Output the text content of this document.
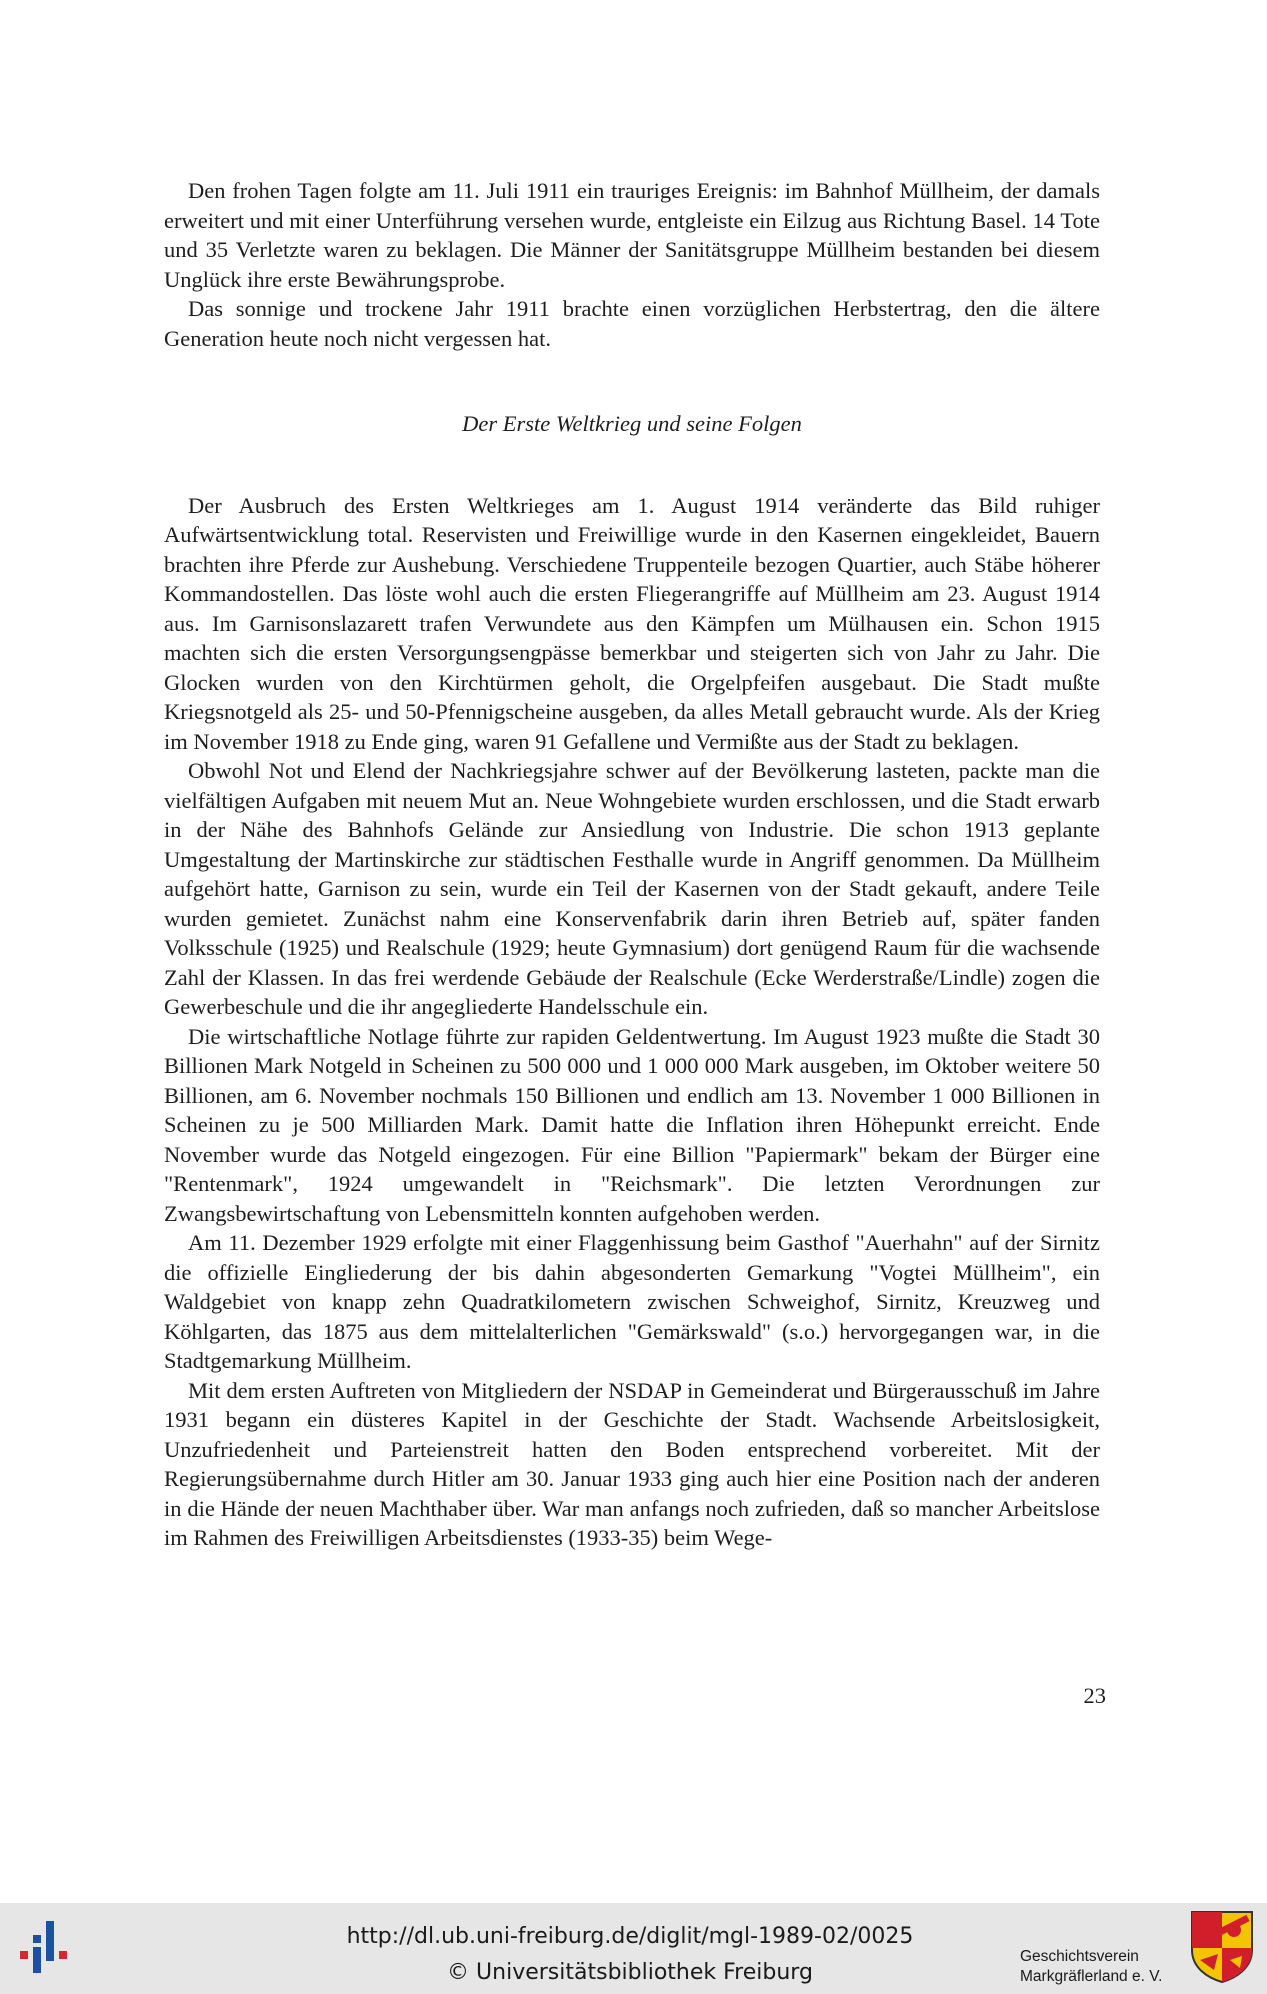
Den frohen Tagen folgte am 11. Juli 1911 ein trauriges Ereignis: im Bahnhof Müllheim, der damals erweitert und mit einer Unterführung versehen wurde, entgleiste ein Eilzug aus Richtung Basel. 14 Tote und 35 Verletzte waren zu beklagen. Die Männer der Sanitätsgruppe Müllheim bestanden bei diesem Unglück ihre erste Bewährungsprobe.

Das sonnige und trockene Jahr 1911 brachte einen vorzüglichen Herbstertrag, den die ältere Generation heute noch nicht vergessen hat.

Der Erste Weltkrieg und seine Folgen

Der Ausbruch des Ersten Weltkrieges am 1. August 1914 veränderte das Bild ruhiger Aufwärtsentwicklung total. Reservisten und Freiwillige wurde in den Kasernen eingekleidet, Bauern brachten ihre Pferde zur Aushebung. Verschiedene Truppenteile bezogen Quartier, auch Stäbe höherer Kommandostellen. Das löste wohl auch die ersten Fliegerangriffe auf Müllheim am 23. August 1914 aus. Im Garnisonslazarett trafen Verwundete aus den Kämpfen um Mülhausen ein. Schon 1915 machten sich die ersten Versorgungsengpässe bemerkbar und steigerten sich von Jahr zu Jahr. Die Glocken wurden von den Kirchtürmen geholt, die Orgelpfeifen ausgebaut. Die Stadt mußte Kriegsnotgeld als 25- und 50-Pfennigscheine ausgeben, da alles Metall gebraucht wurde. Als der Krieg im November 1918 zu Ende ging, waren 91 Gefallene und Vermißte aus der Stadt zu beklagen.

Obwohl Not und Elend der Nachkriegsjahre schwer auf der Bevölkerung lasteten, packte man die vielfältigen Aufgaben mit neuem Mut an. Neue Wohngebiete wurden erschlossen, und die Stadt erwarb in der Nähe des Bahnhofs Gelände zur Ansiedlung von Industrie. Die schon 1913 geplante Umgestaltung der Martinskirche zur städtischen Festhalle wurde in Angriff genommen. Da Müllheim aufgehört hatte, Garnison zu sein, wurde ein Teil der Kasernen von der Stadt gekauft, andere Teile wurden gemietet. Zunächst nahm eine Konservenfabrik darin ihren Betrieb auf, später fanden Volksschule (1925) und Realschule (1929; heute Gymnasium) dort genügend Raum für die wachsende Zahl der Klassen. In das frei werdende Gebäude der Realschule (Ecke Werderstraße/Lindle) zogen die Gewerbeschule und die ihr angegliederte Handelsschule ein.

Die wirtschaftliche Notlage führte zur rapiden Geldentwertung. Im August 1923 mußte die Stadt 30 Billionen Mark Notgeld in Scheinen zu 500 000 und 1 000 000 Mark ausgeben, im Oktober weitere 50 Billionen, am 6. November nochmals 150 Billionen und endlich am 13. November 1 000 Billionen in Scheinen zu je 500 Milliarden Mark. Damit hatte die Inflation ihren Höhepunkt erreicht. Ende November wurde das Notgeld eingezogen. Für eine Billion "Papiermark" bekam der Bürger eine "Rentenmark", 1924 umgewandelt in "Reichsmark". Die letzten Verordnungen zur Zwangsbewirtschaftung von Lebensmitteln konnten aufgehoben werden.

Am 11. Dezember 1929 erfolgte mit einer Flaggenhissung beim Gasthof "Auerhahn" auf der Sirnitz die offizielle Eingliederung der bis dahin abgesonderten Gemarkung "Vogtei Müllheim", ein Waldgebiet von knapp zehn Quadratkilometern zwischen Schweighof, Sirnitz, Kreuzweg und Köhlgarten, das 1875 aus dem mittelalterlichen "Gemärkswald" (s.o.) hervorgegangen war, in die Stadtgemarkung Müllheim.

Mit dem ersten Auftreten von Mitgliedern der NSDAP in Gemeinderat und Bürgerausschuß im Jahre 1931 begann ein düsteres Kapitel in der Geschichte der Stadt. Wachsende Arbeitslosigkeit, Unzufriedenheit und Parteienstreit hatten den Boden entsprechend vorbereitet. Mit der Regierungsübernahme durch Hitler am 30. Januar 1933 ging auch hier eine Position nach der anderen in die Hände der neuen Machthaber über. War man anfangs noch zufrieden, daß so mancher Arbeitslose im Rahmen des Freiwilligen Arbeitsdienstes (1933-35) beim Wege-

23
http://dl.ub.uni-freiburg.de/diglit/mgl-1989-02/0025
© Universitätsbibliothek Freiburg
Geschichtsverein
Markgräflerland e. V.
